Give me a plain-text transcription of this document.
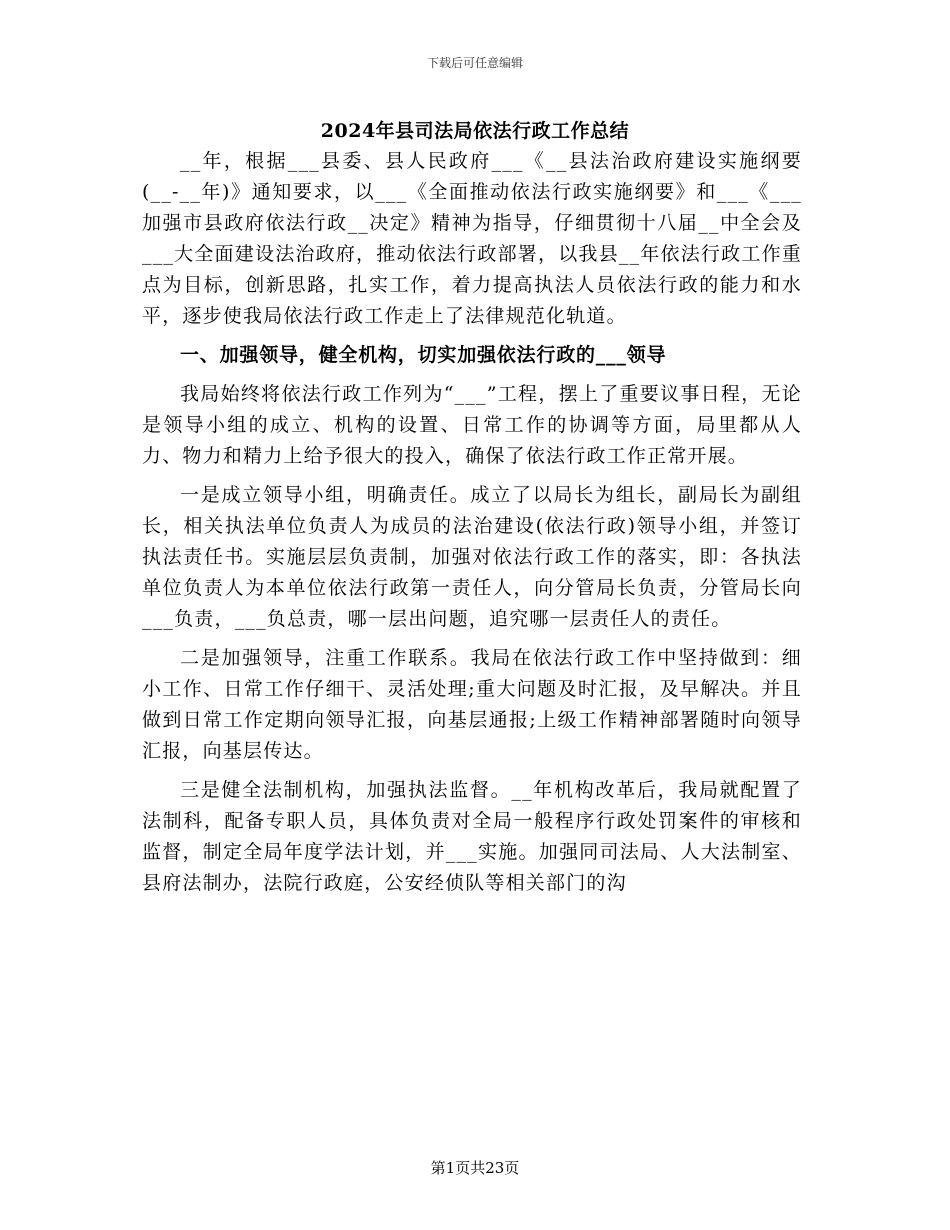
下载后可任意编辑
2024年县司法局依法行政工作总结

__年，根据___县委、县人民政府___《__县法治政府建设实施纲要(__-__年)》通知要求，以___《全面推动依法行政实施纲要》和___《___加强市县政府依法行政__决定》精神为指导，仔细贯彻十八届__中全会及___大全面建设法治政府，推动依法行政部署，以我县__年依法行政工作重点为目标，创新思路，扎实工作，着力提高执法人员依法行政的能力和水平，逐步使我局依法行政工作走上了法律规范化轨道。

一、加强领导，健全机构，切实加强依法行政的___领导

我局始终将依法行政工作列为“___”工程，摆上了重要议事日程，无论是领导小组的成立、机构的设置、日常工作的协调等方面，局里都从人力、物力和精力上给予很大的投入，确保了依法行政工作正常开展。

一是成立领导小组，明确责任。成立了以局长为组长，副局长为副组长，相关执法单位负责人为成员的法治建设(依法行政)领导小组，并签订执法责任书。实施层层负责制，加强对依法行政工作的落实，即：各执法单位负责人为本单位依法行政第一责任人，向分管局长负责，分管局长向___负责，___负总责，哪一层出问题，追究哪一层责任人的责任。

二是加强领导，注重工作联系。我局在依法行政工作中坚持做到：细小工作、日常工作仔细干、灵活处理;重大问题及时汇报，及早解决。并且做到日常工作定期向领导汇报，向基层通报;上级工作精神部署随时向领导汇报，向基层传达。

三是健全法制机构，加强执法监督。__年机构改革后，我局就配置了法制科，配备专职人员，具体负责对全局一般程序行政处罚案件的审核和监督，制定全局年度学法计划，并___实施。加强同司法局、人大法制室、县府法制办，法院行政庭，公安经侦队等相关部门的沟

第1页共23页
